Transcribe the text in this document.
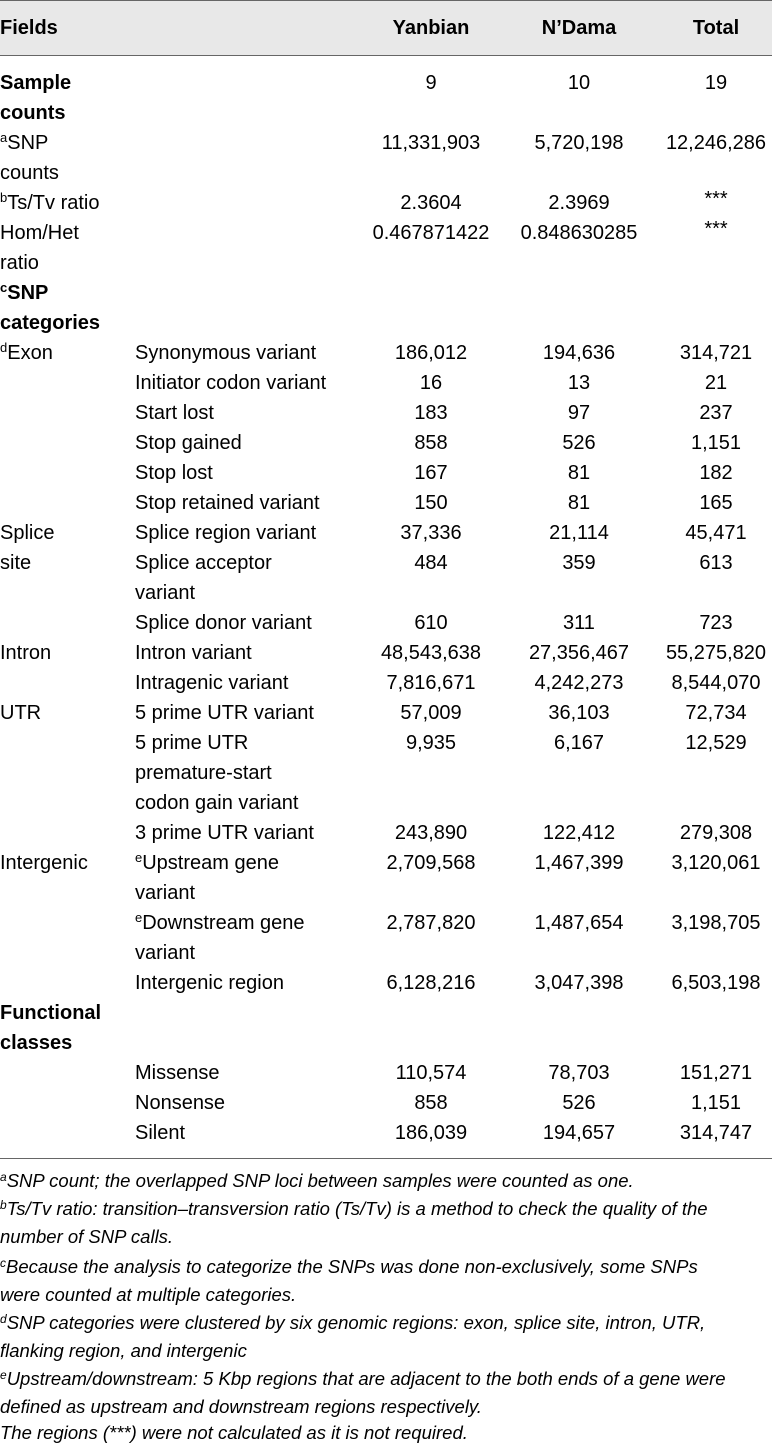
Fields	Yanbian	N’Dama	Total
Sample
counts
9	10	19
$^a$SNP
counts
11,331,903	5,720,198	12,246,286
$^b$Ts/Tv ratio	2.3604	2.3969	***
Hom/Het
ratio
0.467871422	0.848630285	***
$^c$SNP
categories
$^d$Exon	Synonymous variant	186,012	194,636	314,721
Initiator codon variant	16	13	21
Start lost	183	97	237
Stop gained	858	526	1,151
Stop lost	167	81	182
Stop retained variant	150	81	165
Splice
site
Splice region variant	37,336	21,114	45,471
Splice acceptor
variant
484	359	613
Splice donor variant	610	311	723
Intron	Intron variant	48,543,638	27,356,467	55,275,820
Intragenic variant	7,816,671	4,242,273	8,544,070
UTR	5 prime UTR variant	57,009	36,103	72,734
5 prime UTR
premature-start
codon gain variant
9,935	6,167	12,529
3 prime UTR variant	243,890	122,412	279,308
Intergenic	$^e$Upstream gene
variant
2,709,568	1,467,399	3,120,061
$^e$Downstream gene
variant
2,787,820	1,487,654	3,198,705
Intergenic region	6,128,216	3,047,398	6,503,198
Functional
classes
Missense	110,574	78,703	151,271
Nonsense	858	526	1,151
Silent	186,039	194,657	314,747
$^a$SNP count; the overlapped SNP loci between samples were counted as one.
$^b$Ts/Tv ratio: transition–transversion ratio (Ts/Tv) is a method to check the quality of the
number of SNP calls.
$^c$Because the analysis to categorize the SNPs was done non-exclusively, some SNPs
were counted at multiple categories.
$^d$SNP categories were clustered by six genomic regions: exon, splice site, intron, UTR,
flanking region, and intergenic
$^e$Upstream/downstream: 5 Kbp regions that are adjacent to the both ends of a gene were
defined as upstream and downstream regions respectively.
The regions (***) were not calculated as it is not required.
